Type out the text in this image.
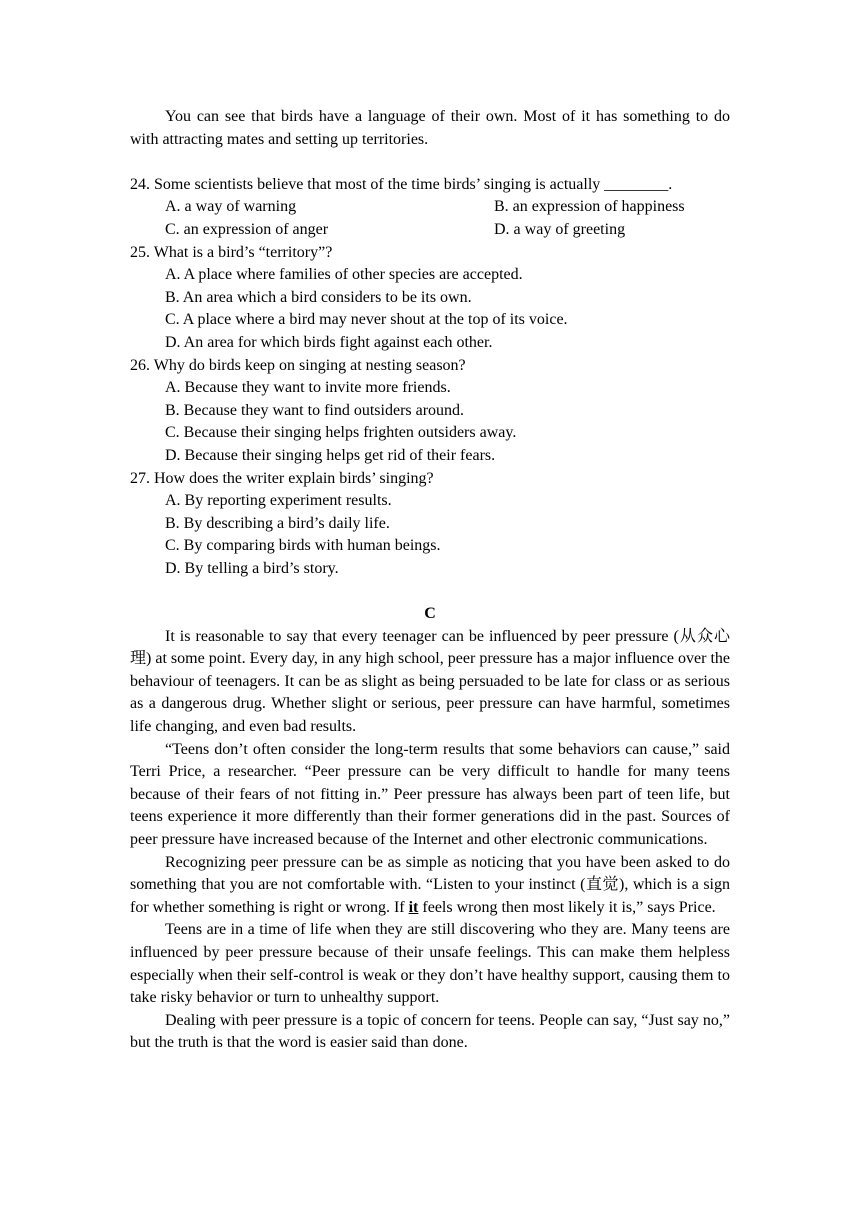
You can see that birds have a language of their own. Most of it has something to do with attracting mates and setting up territories.

24. Some scientists believe that most of the time birds’ singing is actually ________.

A. a way of warning	B. an expression of happiness
C. an expression of anger	D. a way of greeting

25. What is a bird’s “territory”?

A. A place where families of other species are accepted.

B. An area which a bird considers to be its own.

C. A place where a bird may never shout at the top of its voice.

D. An area for which birds fight against each other.

26. Why do birds keep on singing at nesting season?

A. Because they want to invite more friends.

B. Because they want to find outsiders around.

C. Because their singing helps frighten outsiders away.

D. Because their singing helps get rid of their fears.

27. How does the writer explain birds’ singing?

A. By reporting experiment results.

B. By describing a bird’s daily life.

C. By comparing birds with human beings.

D. By telling a bird’s story.

C

It is reasonable to say that every teenager can be influenced by peer pressure (从众心理) at some point. Every day, in any high school, peer pressure has a major influence over the behaviour of teenagers. It can be as slight as being persuaded to be late for class or as serious as a dangerous drug. Whether slight or serious, peer pressure can have harmful, sometimes life changing, and even bad results.

“Teens don’t often consider the long-term results that some behaviors can cause,” said Terri Price, a researcher. “Peer pressure can be very difficult to handle for many teens because of their fears of not fitting in.” Peer pressure has always been part of teen life, but teens experience it more differently than their former generations did in the past. Sources of peer pressure have increased because of the Internet and other electronic communications.

Recognizing peer pressure can be as simple as noticing that you have been asked to do something that you are not comfortable with. “Listen to your instinct (直觉), which is a sign for whether something is right or wrong. If it feels wrong then most likely it is,” says Price.

Teens are in a time of life when they are still discovering who they are. Many teens are influenced by peer pressure because of their unsafe feelings. This can make them helpless especially when their self-control is weak or they don’t have healthy support, causing them to take risky behavior or turn to unhealthy support.

Dealing with peer pressure is a topic of concern for teens. People can say, “Just say no,” but the truth is that the word is easier said than done.
